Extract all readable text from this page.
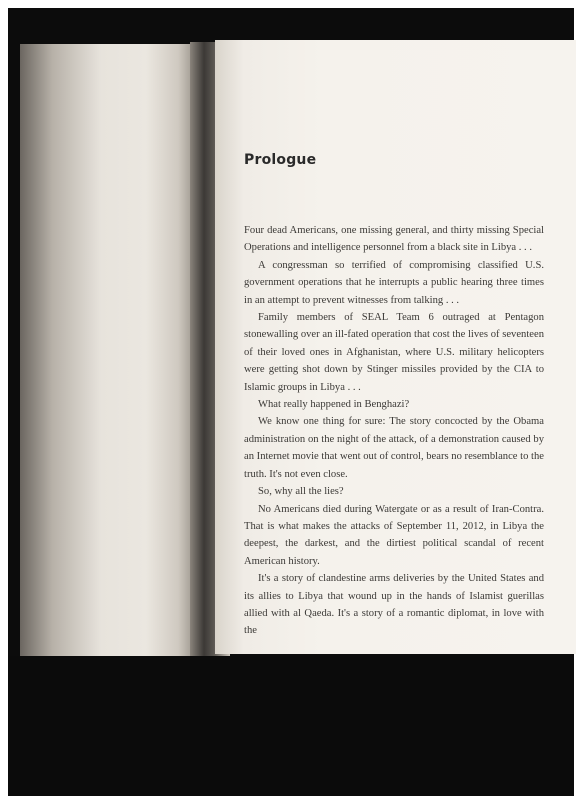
Prologue

Four dead Americans, one missing general, and thirty missing Special Operations and intelligence personnel from a black site in Libya . . .

A congressman so terrified of compromising classified U.S. government operations that he interrupts a public hearing three times in an attempt to prevent witnesses from talking . . .

Family members of SEAL Team 6 outraged at Pentagon stonewalling over an ill-fated operation that cost the lives of seventeen of their loved ones in Afghanistan, where U.S. military helicopters were getting shot down by Stinger missiles provided by the CIA to Islamic groups in Libya . . .

What really happened in Benghazi?

We know one thing for sure: The story concocted by the Obama administration on the night of the attack, of a demonstration caused by an Internet movie that went out of control, bears no resemblance to the truth. It's not even close.

So, why all the lies?

No Americans died during Watergate or as a result of Iran-Contra. That is what makes the attacks of September 11, 2012, in Libya the deepest, the darkest, and the dirtiest political scandal of recent American history.

It's a story of clandestine arms deliveries by the United States and its allies to Libya that wound up in the hands of Islamist guerillas allied with al Qaeda. It's a story of a romantic diplomat, in love with the
